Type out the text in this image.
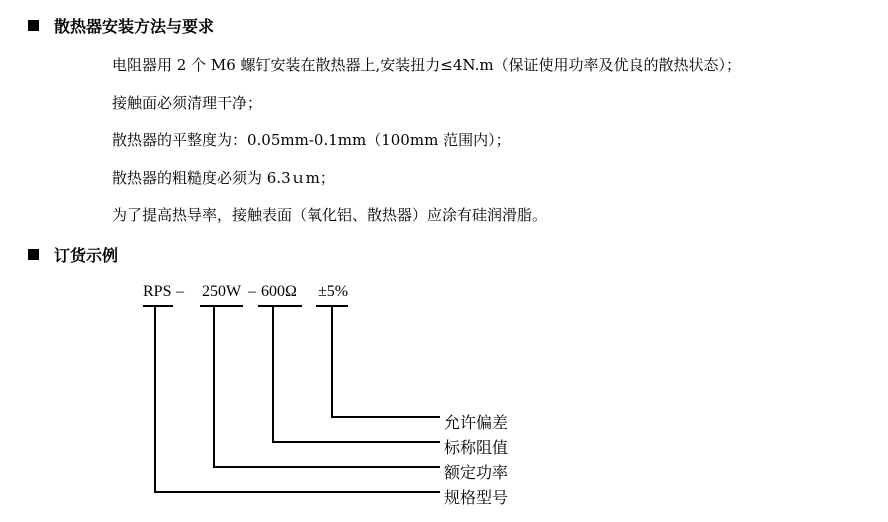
散热器安装方法与要求
电阻器用 2 个 M6 螺钉安装在散热器上,安装扭力≤4N.m（保证使用功率及优良的散热状态）；
接触面必须清理干净；
散热器的平整度为：0.05mm-0.1mm（100mm 范围内）；
散热器的粗糙度必须为 6.3ｕm；
为了提高热导率，接触表面（氧化铝、散热器）应涂有硅润滑脂。
订货示例
RPS – 250W – 600Ω ±5%
允许偏差
标称阻值
额定功率
规格型号
